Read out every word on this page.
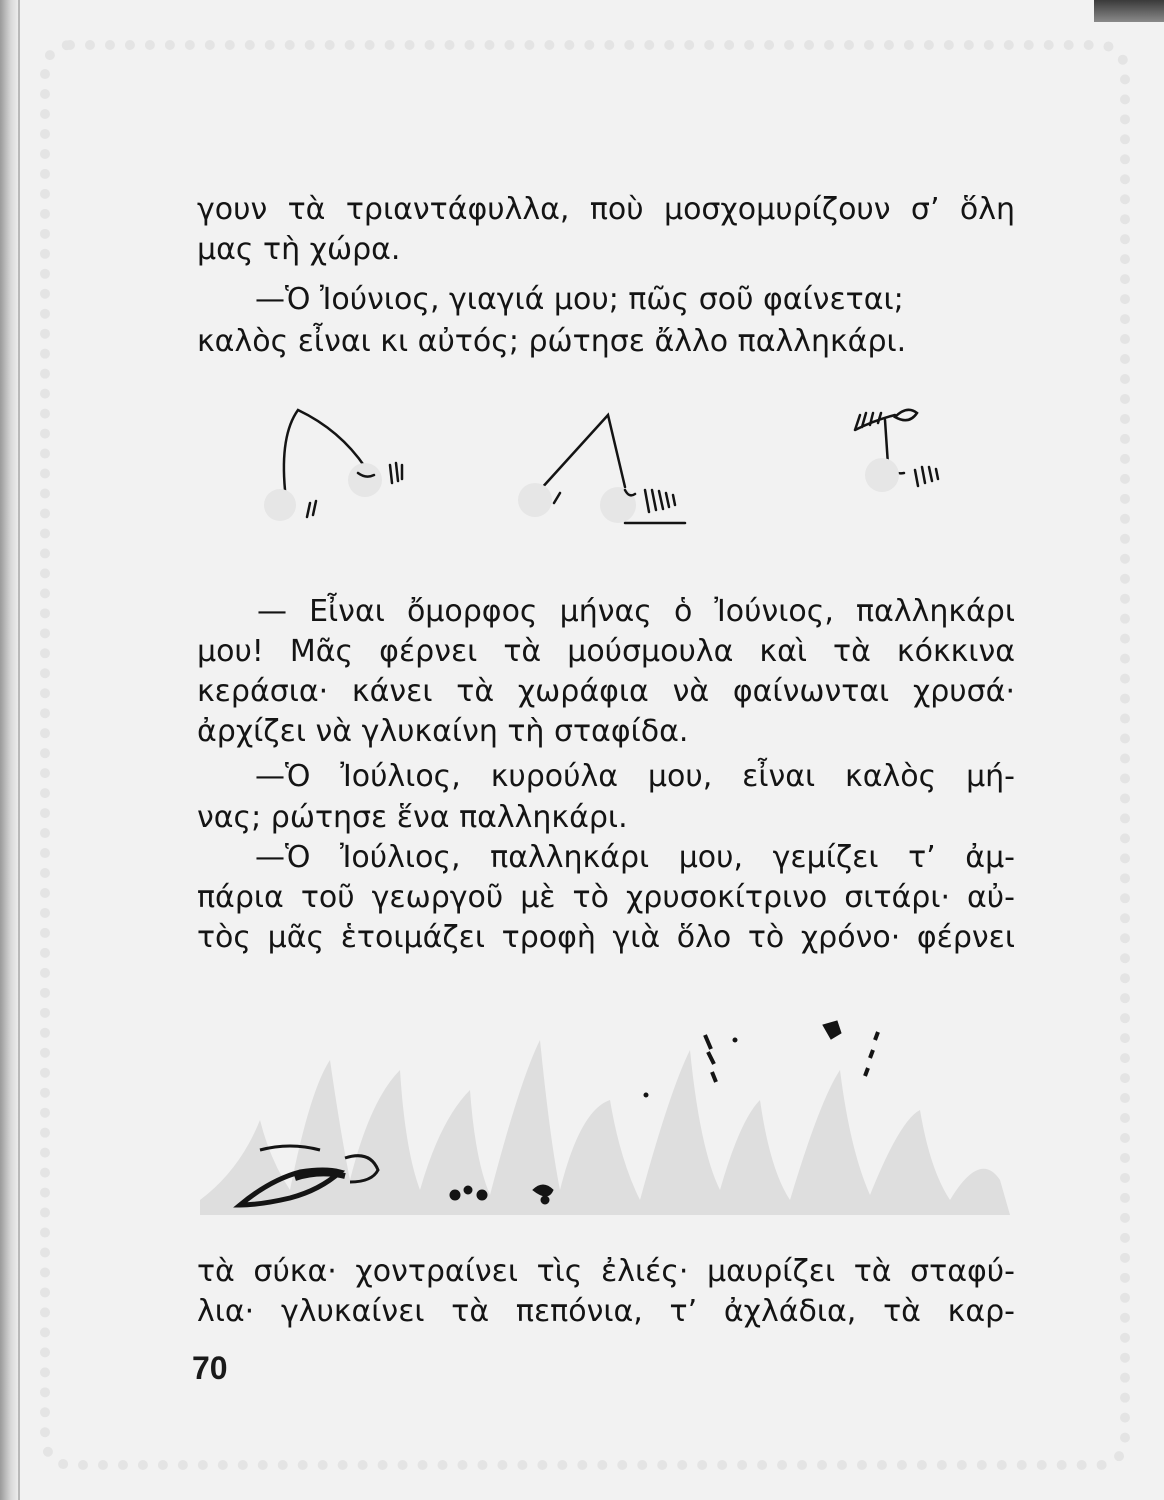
γουν τὰ τριαντάφυλλα, ποὺ μοσχομυρίζουν σ’ ὅλη

μας τὴ χώρα.

—Ὁ Ἰούνιος, γιαγιά μου; πῶς σοῦ φαίνεται;

καλὸς εἶναι κι αὐτός; ρώτησε ἄλλο παλληκάρι.

— Εἶναι ὄμορφος μήνας ὁ Ἰούνιος, παλληκάρι

μου! Μᾶς φέρνει τὰ μούσμουλα καὶ τὰ κόκκινα

κεράσια· κάνει τὰ χωράφια νὰ φαίνωνται χρυσά·

ἀρχίζει νὰ γλυκαίνη τὴ σταφίδα.

—Ὁ Ἰούλιος, κυρούλα μου, εἶναι καλὸς μή-

νας; ρώτησε ἕνα παλληκάρι.

—Ὁ Ἰούλιος, παλληκάρι μου, γεμίζει τ’ ἀμ-

πάρια τοῦ γεωργοῦ μὲ τὸ χρυσοκίτρινο σιτάρι· αὐ-

τὸς μᾶς ἑτοιμάζει τροφὴ γιὰ ὅλο τὸ χρόνο· φέρνει

τὰ σύκα· χοντραίνει τὶς ἐλιές· μαυρίζει τὰ σταφύ-

λια· γλυκαίνει τὰ πεπόνια, τ’ ἀχλάδια, τὰ καρ-

70
